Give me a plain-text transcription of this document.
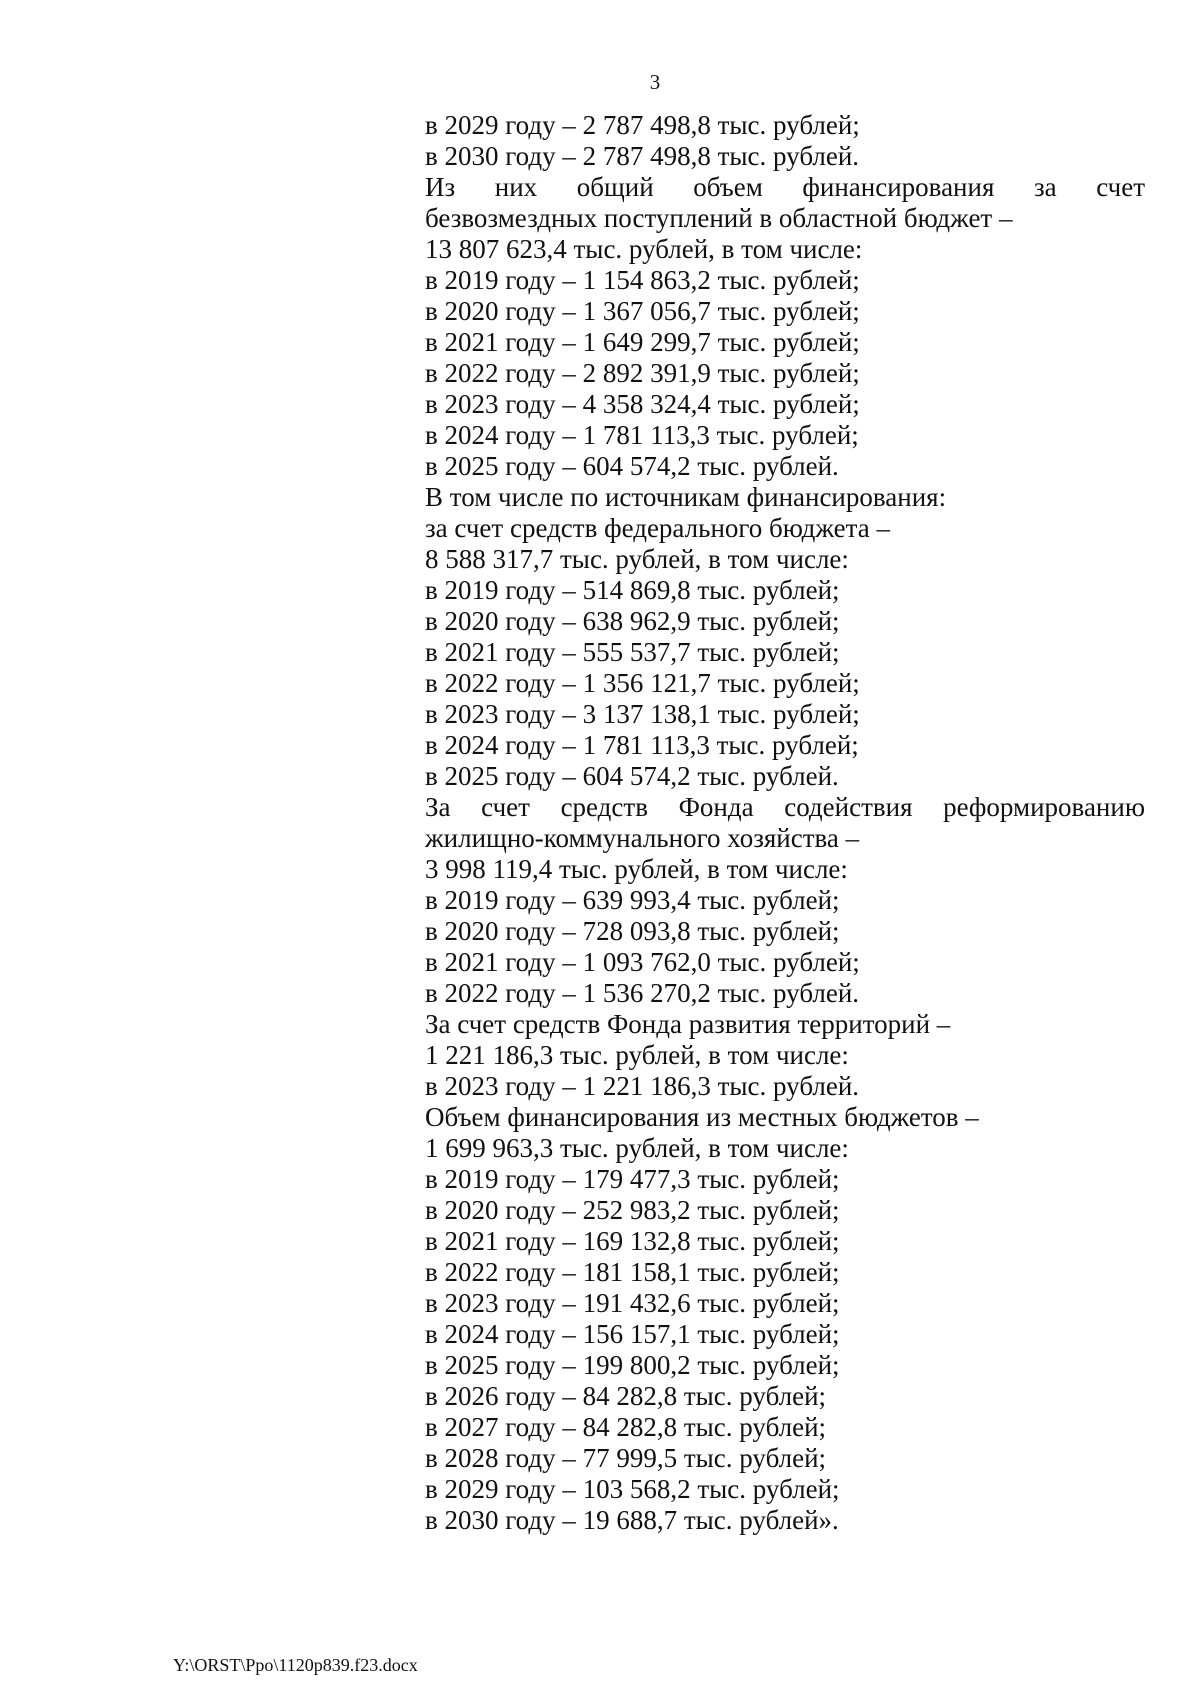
3
в 2029 году – 2 787 498,8 тыс. рублей;
в 2030 году – 2 787 498,8 тыс. рублей.
Из них общий объем финансирования за счет
безвозмездных поступлений в областной бюджет –
13 807 623,4 тыс. рублей, в том числе:
в 2019 году – 1 154 863,2 тыс. рублей;
в 2020 году – 1 367 056,7 тыс. рублей;
в 2021 году – 1 649 299,7 тыс. рублей;
в 2022 году – 2 892 391,9 тыс. рублей;
в 2023 году – 4 358 324,4 тыс. рублей;
в 2024 году – 1 781 113,3 тыс. рублей;
в 2025 году – 604 574,2 тыс. рублей.
В том числе по источникам финансирования:
за счет средств федерального бюджета –
8 588 317,7 тыс. рублей, в том числе:
в 2019 году – 514 869,8 тыс. рублей;
в 2020 году – 638 962,9 тыс. рублей;
в 2021 году – 555 537,7 тыс. рублей;
в 2022 году – 1 356 121,7 тыс. рублей;
в 2023 году – 3 137 138,1 тыс. рублей;
в 2024 году – 1 781 113,3 тыс. рублей;
в 2025 году – 604 574,2 тыс. рублей.
За счет средств Фонда содействия реформированию
жилищно-коммунального хозяйства –
3 998 119,4 тыс. рублей, в том числе:
в 2019 году – 639 993,4 тыс. рублей;
в 2020 году – 728 093,8 тыс. рублей;
в 2021 году – 1 093 762,0 тыс. рублей;
в 2022 году – 1 536 270,2 тыс. рублей.
За счет средств Фонда развития территорий –
1 221 186,3 тыс. рублей, в том числе:
в 2023 году – 1 221 186,3 тыс. рублей.
Объем финансирования из местных бюджетов –
1 699 963,3 тыс. рублей, в том числе:
в 2019 году – 179 477,3 тыс. рублей;
в 2020 году – 252 983,2 тыс. рублей;
в 2021 году – 169 132,8 тыс. рублей;
в 2022 году – 181 158,1 тыс. рублей;
в 2023 году – 191 432,6 тыс. рублей;
в 2024 году – 156 157,1 тыс. рублей;
в 2025 году – 199 800,2 тыс. рублей;
в 2026 году – 84 282,8 тыс. рублей;
в 2027 году – 84 282,8 тыс. рублей;
в 2028 году – 77 999,5 тыс. рублей;
в 2029 году – 103 568,2 тыс. рублей;
в 2030 году – 19 688,7 тыс. рублей».
Y:\ORST\Ppo\1120p839.f23.docx
